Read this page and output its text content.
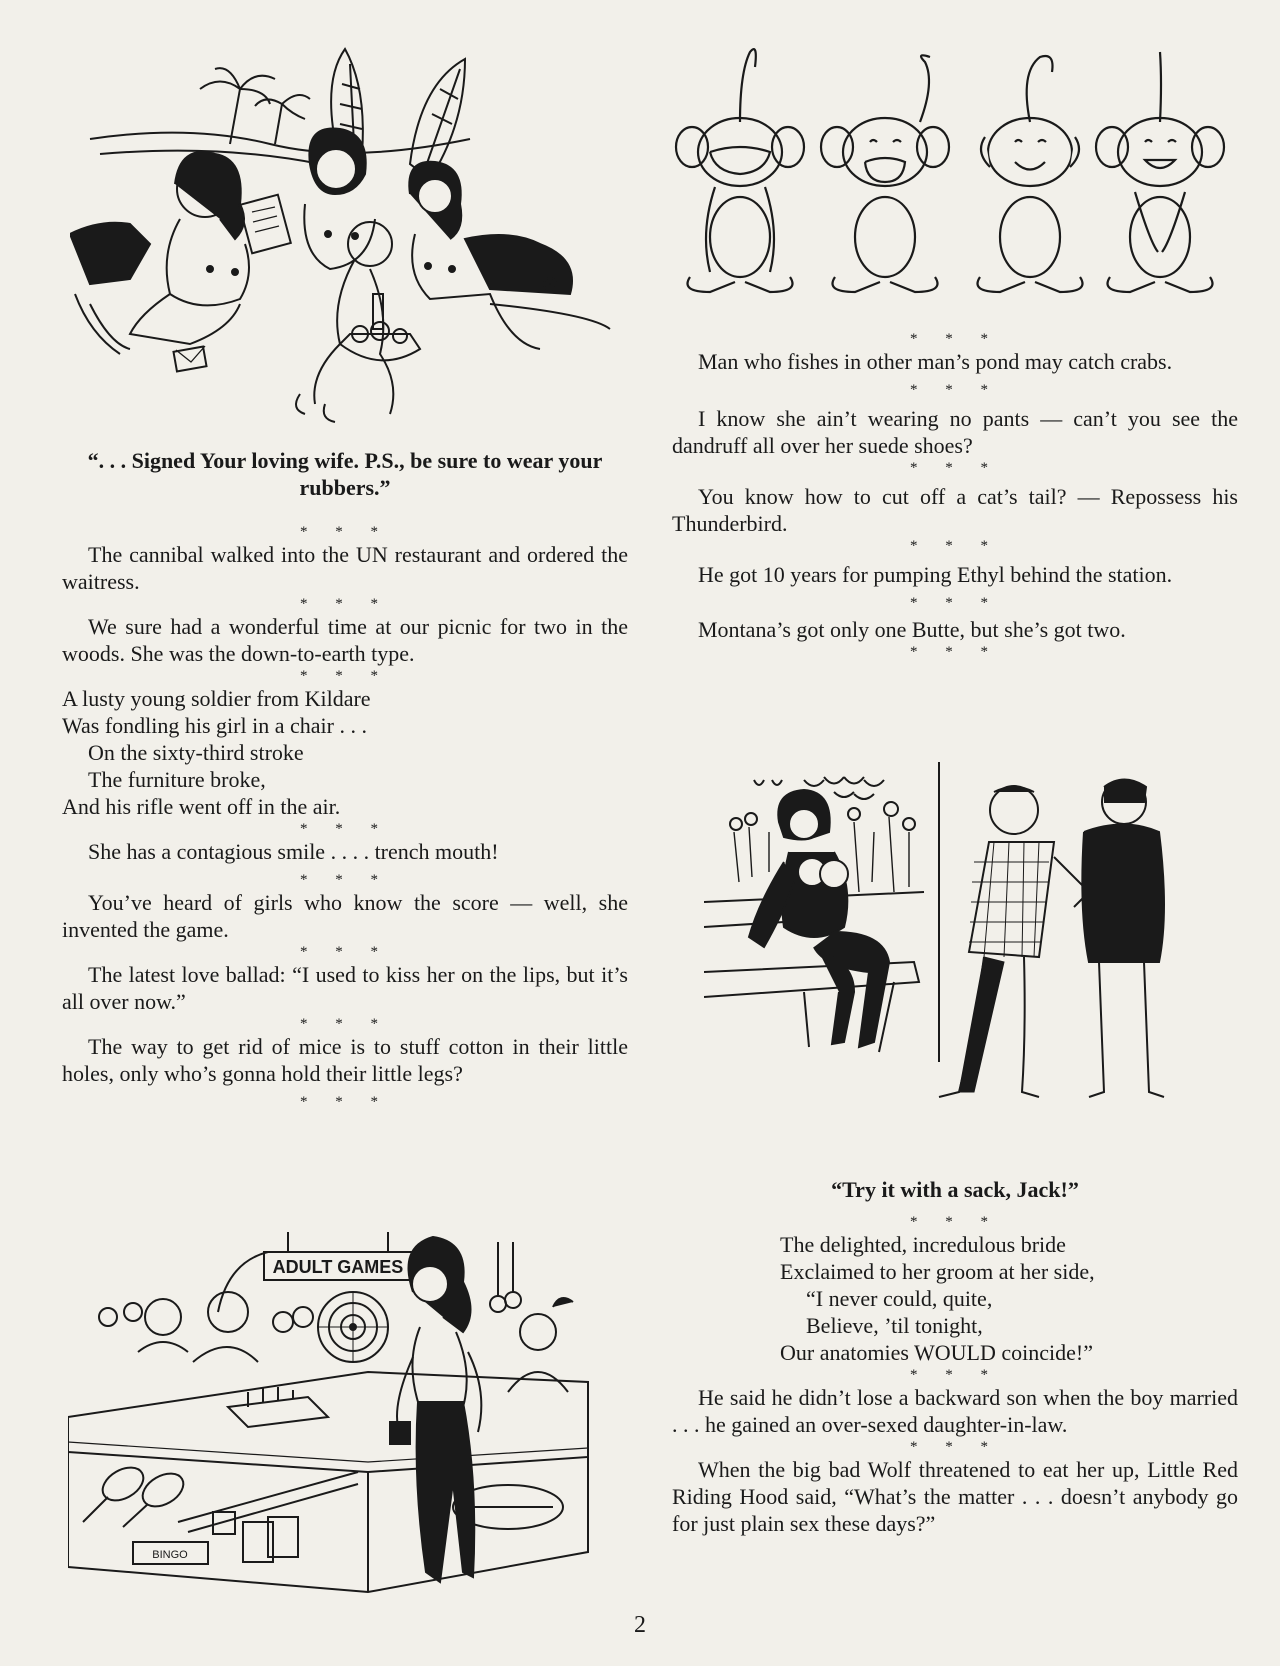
“. . . Signed Your loving wife. P.S., be sure to wear your rubbers.”

* * *

The cannibal walked into the UN restaurant and ordered the waitress.

* * *

We sure had a wonderful time at our picnic for two in the woods. She was the down-to-earth type.

* * *
A lusty young soldier from Kildare
Was fondling his girl in a chair . . .
On the sixty-third stroke
The furniture broke,
And his rifle went off in the air.
* * *

She has a contagious smile . . . . trench mouth!

* * *

You’ve heard of girls who know the score — well, she invented the game.

* * *

The latest love ballad: “I used to kiss her on the lips, but it’s all over now.”

* * *

The way to get rid of mice is to stuff cotton in their little holes, only who’s gonna hold their little legs?

* * *
ADULT GAMES
BINGO
* * *

Man who fishes in other man’s pond may catch crabs.

* * *

I know she ain’t wearing no pants — can’t you see the dandruff all over her suede shoes?

* * *

You know how to cut off a cat’s tail? — Repossess his Thunderbird.

* * *

He got 10 years for pumping Ethyl behind the station.

* * *

Montana’s got only one Butte, but she’s got two.

* * *

“Try it with a sack, Jack!”

* * *
The delighted, incredulous bride
Exclaimed to her groom at her side,
“I never could, quite,
Believe, ’til tonight,
Our anatomies WOULD coincide!”
* * *

He said he didn’t lose a backward son when the boy married . . . he gained an over-sexed daughter-in-law.

* * *

When the big bad Wolf threatened to eat her up, Little Red Riding Hood said, “What’s the matter . . . doesn’t anybody go for just plain sex these days?”

2
